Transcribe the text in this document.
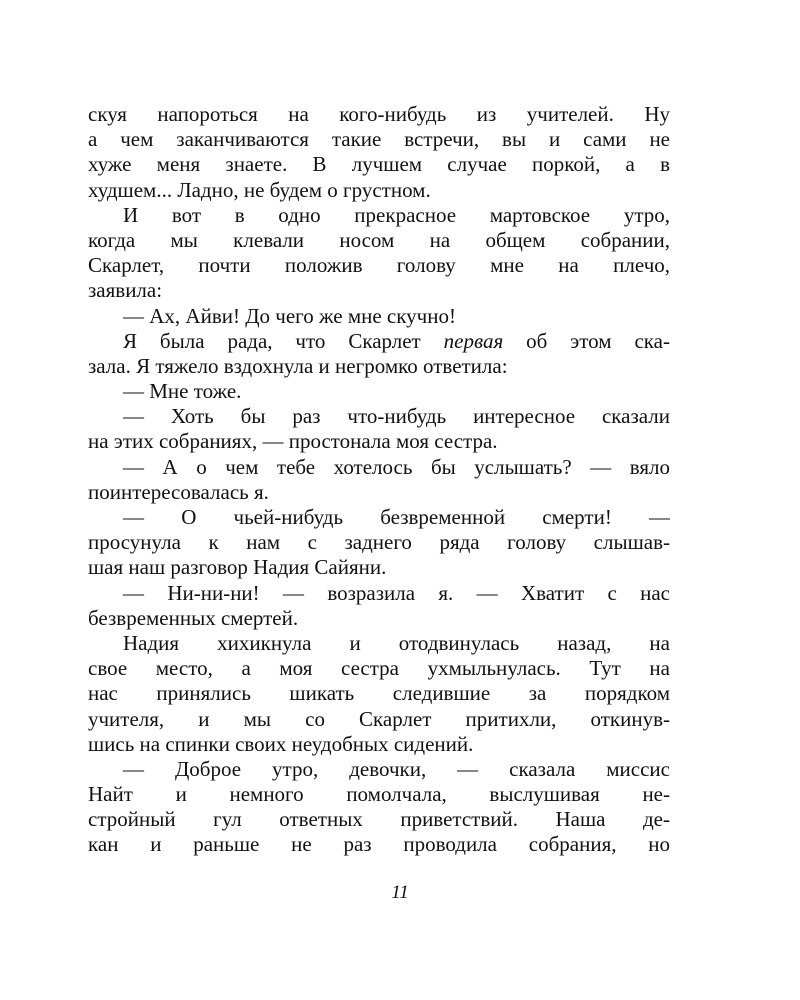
скуя напороться на кого-нибудь из учителей. Ну
а чем заканчиваются такие встречи, вы и сами не
хуже меня знаете. В лучшем случае поркой, а в
худшем... Ладно, не будем о грустном.
И вот в одно прекрасное мартовское утро,
когда мы клевали носом на общем собрании,
Скарлет, почти положив голову мне на плечо,
заявила:
— Ах, Айви! До чего же мне скучно!
Я была рада, что Скарлет первая об этом ска-
зала. Я тяжело вздохнула и негромко ответила:
— Мне тоже.
— Хоть бы раз что-нибудь интересное сказали
на этих собраниях, — простонала моя сестра.
— А о чем тебе хотелось бы услышать? — вяло
поинтересовалась я.
— О чьей-нибудь безвременной смерти! —
просунула к нам с заднего ряда голову слышав-
шая наш разговор Надия Сайяни.
— Ни-ни-ни! — возразила я. — Хватит с нас
безвременных смертей.
Надия хихикнула и отодвинулась назад, на
свое место, а моя сестра ухмыльнулась. Тут на
нас принялись шикать следившие за порядком
учителя, и мы со Скарлет притихли, откинув-
шись на спинки своих неудобных сидений.
— Доброе утро, девочки, — сказала миссис
Найт и немного помолчала, выслушивая не-
стройный гул ответных приветствий. Наша де-
кан и раньше не раз проводила собрания, но
11
